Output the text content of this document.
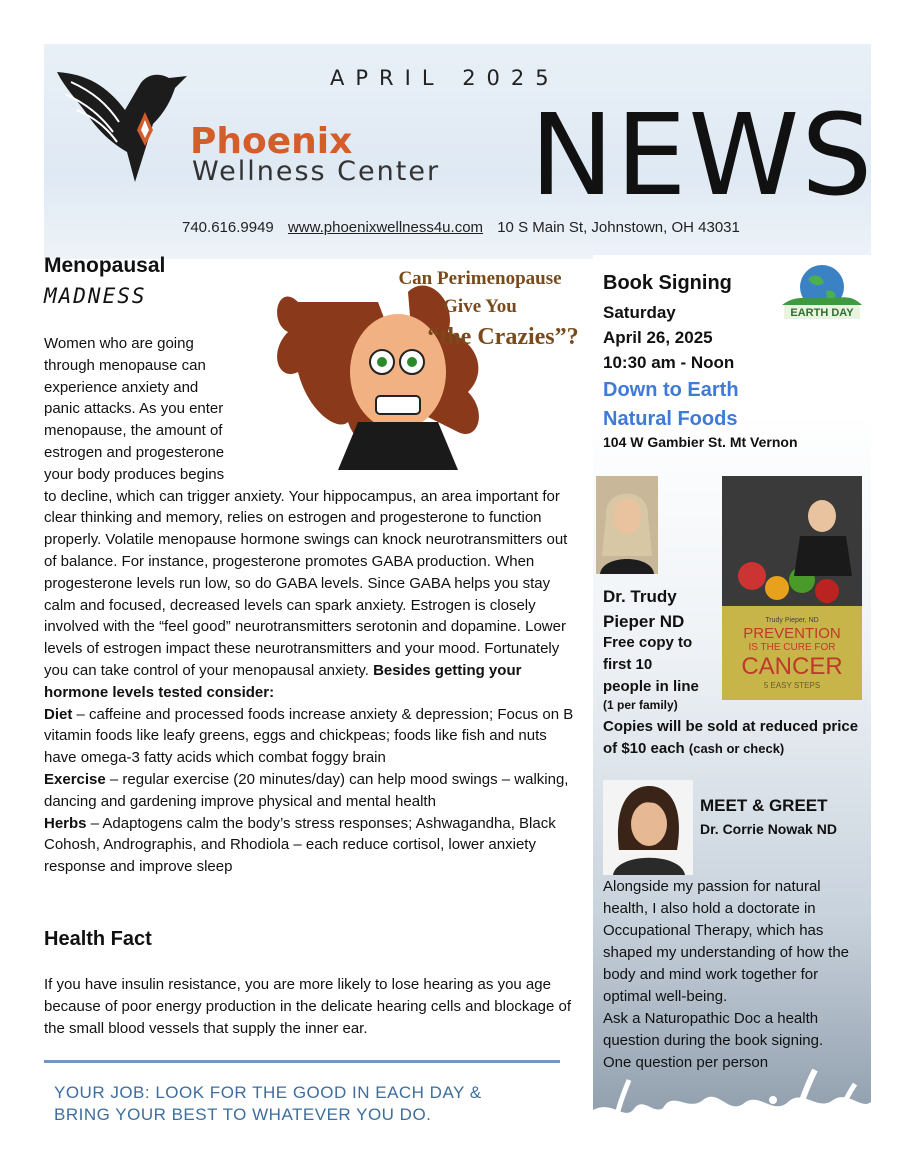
APRIL 2025
Phoenix
Wellness Center NEWS
740.616.9949 www.phoenixwellness4u.com 10 S Main St, Johnstown, OH 43031
Menopausal
MADNESS
Can Perimenopause
Give You
“the Crazies”?

Women who are going

through menopause can

experience anxiety and

panic attacks. As you enter

menopause, the amount of

estrogen and progesterone

your body produces begins

to decline, which can trigger anxiety. Your hippocampus, an area important for clear thinking and memory, relies on estrogen and progesterone to function properly. Volatile menopause hormone swings can knock neurotransmitters out of balance. For instance, progesterone promotes GABA production. When progesterone levels run low, so do GABA levels. Since GABA helps you stay calm and focused, decreased levels can spark anxiety. Estrogen is closely involved with the “feel good” neurotransmitters serotonin and dopamine. Lower levels of estrogen impact these neurotransmitters and your mood. Fortunately you can take control of your menopausal anxiety. Besides getting your hormone levels tested consider:

Diet – caffeine and processed foods increase anxiety & depression; Focus on B vitamin foods like leafy greens, eggs and chickpeas; foods like fish and nuts have omega-3 fatty acids which combat foggy brain

Exercise – regular exercise (20 minutes/day) can help mood swings – walking, dancing and gardening improve physical and mental health

Herbs – Adaptogens calm the body’s stress responses; Ashwagandha, Black Cohosh, Andrographis, and Rhodiola – each reduce cortisol, lower anxiety response and improve sleep

Health Fact
If you have insulin resistance, you are more likely to lose hearing as you age because of poor energy production in the delicate hearing cells and blockage of the small blood vessels that supply the inner ear.
YOUR JOB: LOOK FOR THE GOOD IN EACH DAY &
BRING YOUR BEST TO WHATEVER YOU DO.
EARTH DAY
Book Signing
Saturday
April 26, 2025
10:30 am - Noon
Down to Earth
Natural Foods
104 W Gambier St. Mt Vernon
Trudy Pieper, ND
PREVENTION
IS THE CURE FOR
CANCER
5 EASY STEPS
Dr. Trudy
Pieper ND
Free copy to
first 10
people in line
(1 per family)
Copies will be sold at reduced price of $10 each (cash or check)
MEET & GREET
Dr. Corrie Nowak ND

Alongside my passion for natural health, I also hold a doctorate in Occupational Therapy, which has shaped my understanding of how the body and mind work together for optimal well-being.

Ask a Naturopathic Doc a health question during the book signing.

One question per person
